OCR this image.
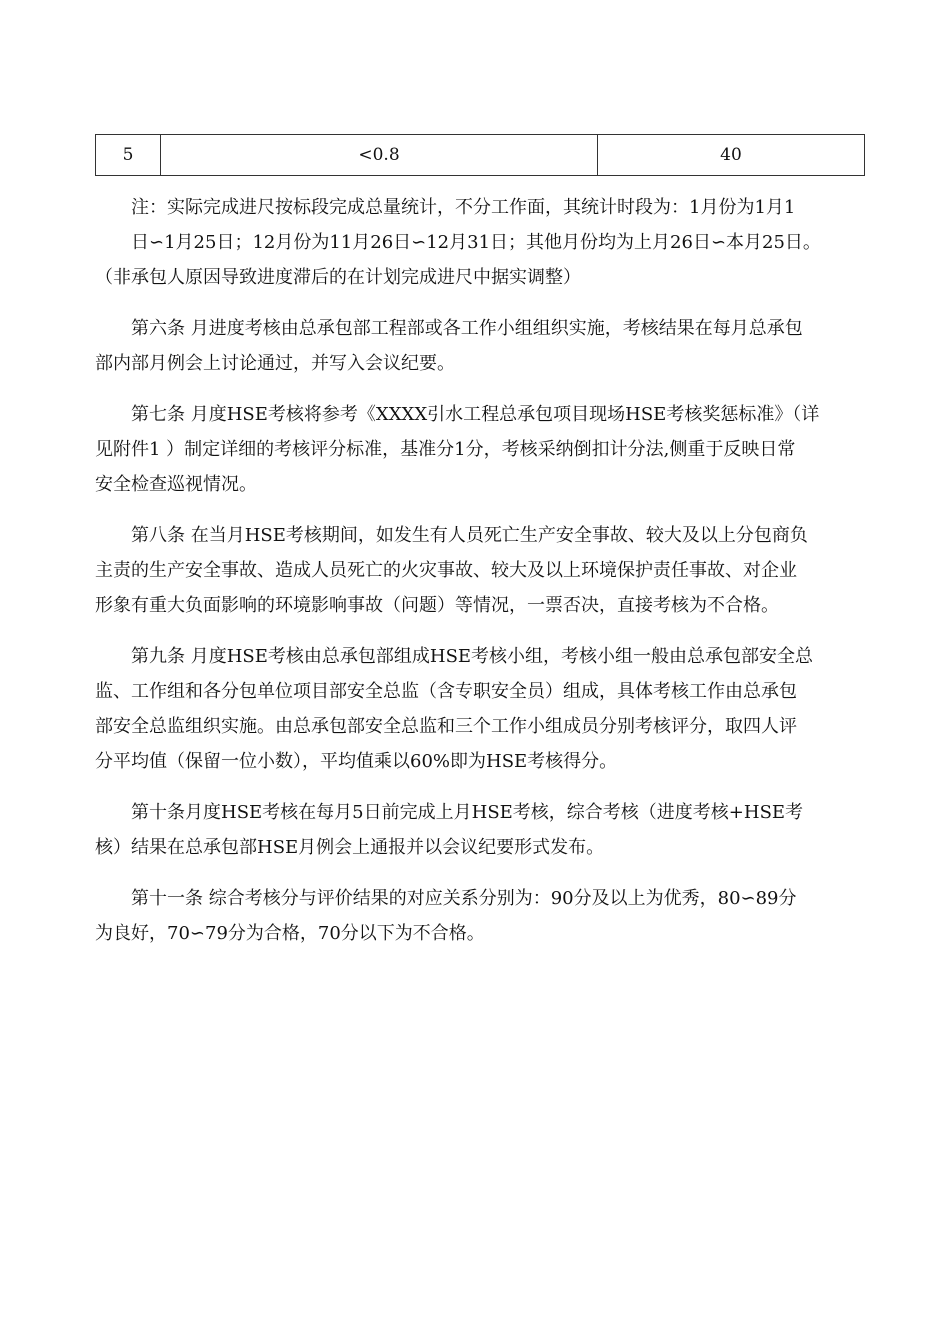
5	<0.8	40

注：实际完成进尺按标段完成总量统计，不分工作面，其统计时段为：1月份为1月1
日∽1月25日；12月份为11月26日∽12月31日；其他月份均为上月26日∽本月25日。

（非承包人原因导致进度滞后的在计划完成进尺中据实调整）

第六条 月进度考核由总承包部工程部或各工作小组组织实施，考核结果在每月总承包
部内部月例会上讨论通过，并写入会议纪要。

第七条 月度HSE考核将参考《XXXX引水工程总承包项目现场HSE考核奖惩标准》（详
见附件1 ）制定详细的考核评分标准，基准分1分，考核采纳倒扣计分法,侧重于反映日常
安全检查巡视情况。

第八条 在当月HSE考核期间，如发生有人员死亡生产安全事故、较大及以上分包商负
主责的生产安全事故、造成人员死亡的火灾事故、较大及以上环境保护责任事故、对企业
形象有重大负面影响的环境影响事故（问题）等情况，一票否决，直接考核为不合格。

第九条 月度HSE考核由总承包部组成HSE考核小组，考核小组一般由总承包部安全总
监、工作组和各分包单位项目部安全总监（含专职安全员）组成，具体考核工作由总承包
部安全总监组织实施。由总承包部安全总监和三个工作小组成员分别考核评分，取四人评
分平均值（保留一位小数），平均值乘以60%即为HSE考核得分。

第十条月度HSE考核在每月5日前完成上月HSE考核，综合考核（进度考核+HSE考
核）结果在总承包部HSE月例会上通报并以会议纪要形式发布。

第十一条 综合考核分与评价结果的对应关系分别为：90分及以上为优秀，80∽89分
为良好，70∽79分为合格，70分以下为不合格。
